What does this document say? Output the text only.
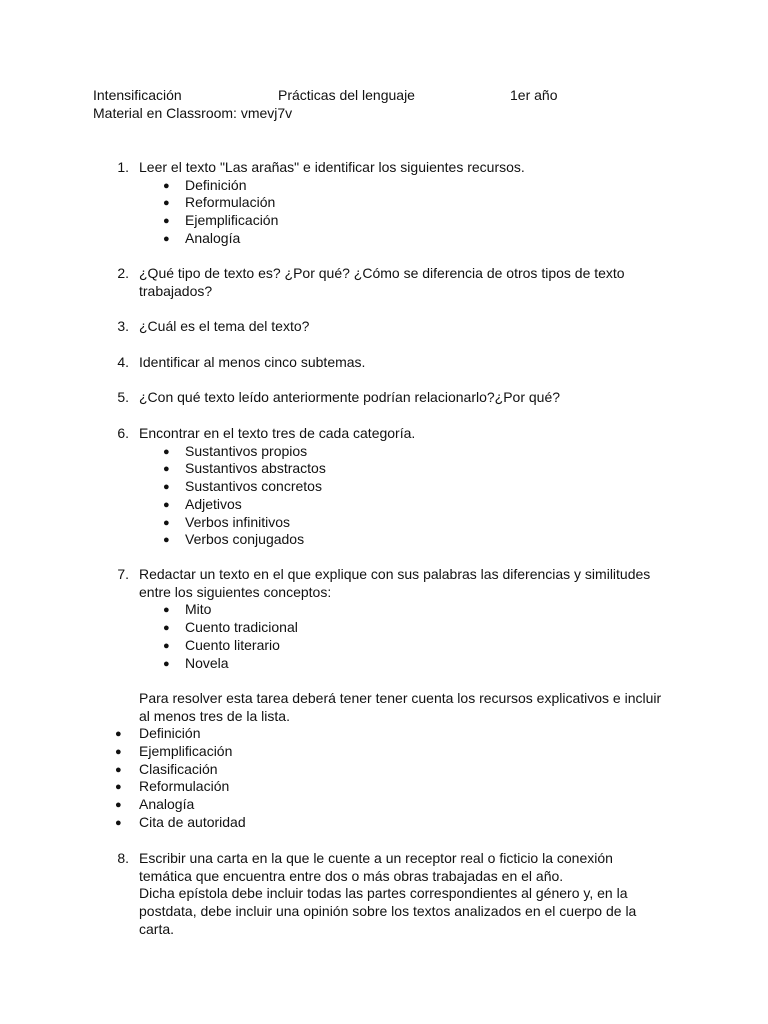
Intensificación	Prácticas del lenguaje	1er año
Material en Classroom: vmevj7v
1. Leer el texto "Las arañas" e identificar los siguientes recursos.
● Definición
● Reformulación
● Ejemplificación
● Analogía
2. ¿Qué tipo de texto es? ¿Por qué? ¿Cómo se diferencia de otros tipos de texto
trabajados?
3. ¿Cuál es el tema del texto?
4. Identificar al menos cinco subtemas.
5. ¿Con qué texto leído anteriormente podrían relacionarlo?¿Por qué?
6. Encontrar en el texto tres de cada categoría.
● Sustantivos propios
● Sustantivos abstractos
● Sustantivos concretos
● Adjetivos
● Verbos infinitivos
● Verbos conjugados
7. Redactar un texto en el que explique con sus palabras las diferencias y similitudes
entre los siguientes conceptos:
● Mito
● Cuento tradicional
● Cuento literario
● Novela
Para resolver esta tarea deberá tener tener cuenta los recursos explicativos e incluir
al menos tres de la lista.
● Definición
● Ejemplificación
● Clasificación
● Reformulación
● Analogía
● Cita de autoridad
8. Escribir una carta en la que le cuente a un receptor real o ficticio la conexión
temática que encuentra entre dos o más obras trabajadas en el año.
Dicha epístola debe incluir todas las partes correspondientes al género y, en la
postdata, debe incluir una opinión sobre los textos analizados en el cuerpo de la
carta.
